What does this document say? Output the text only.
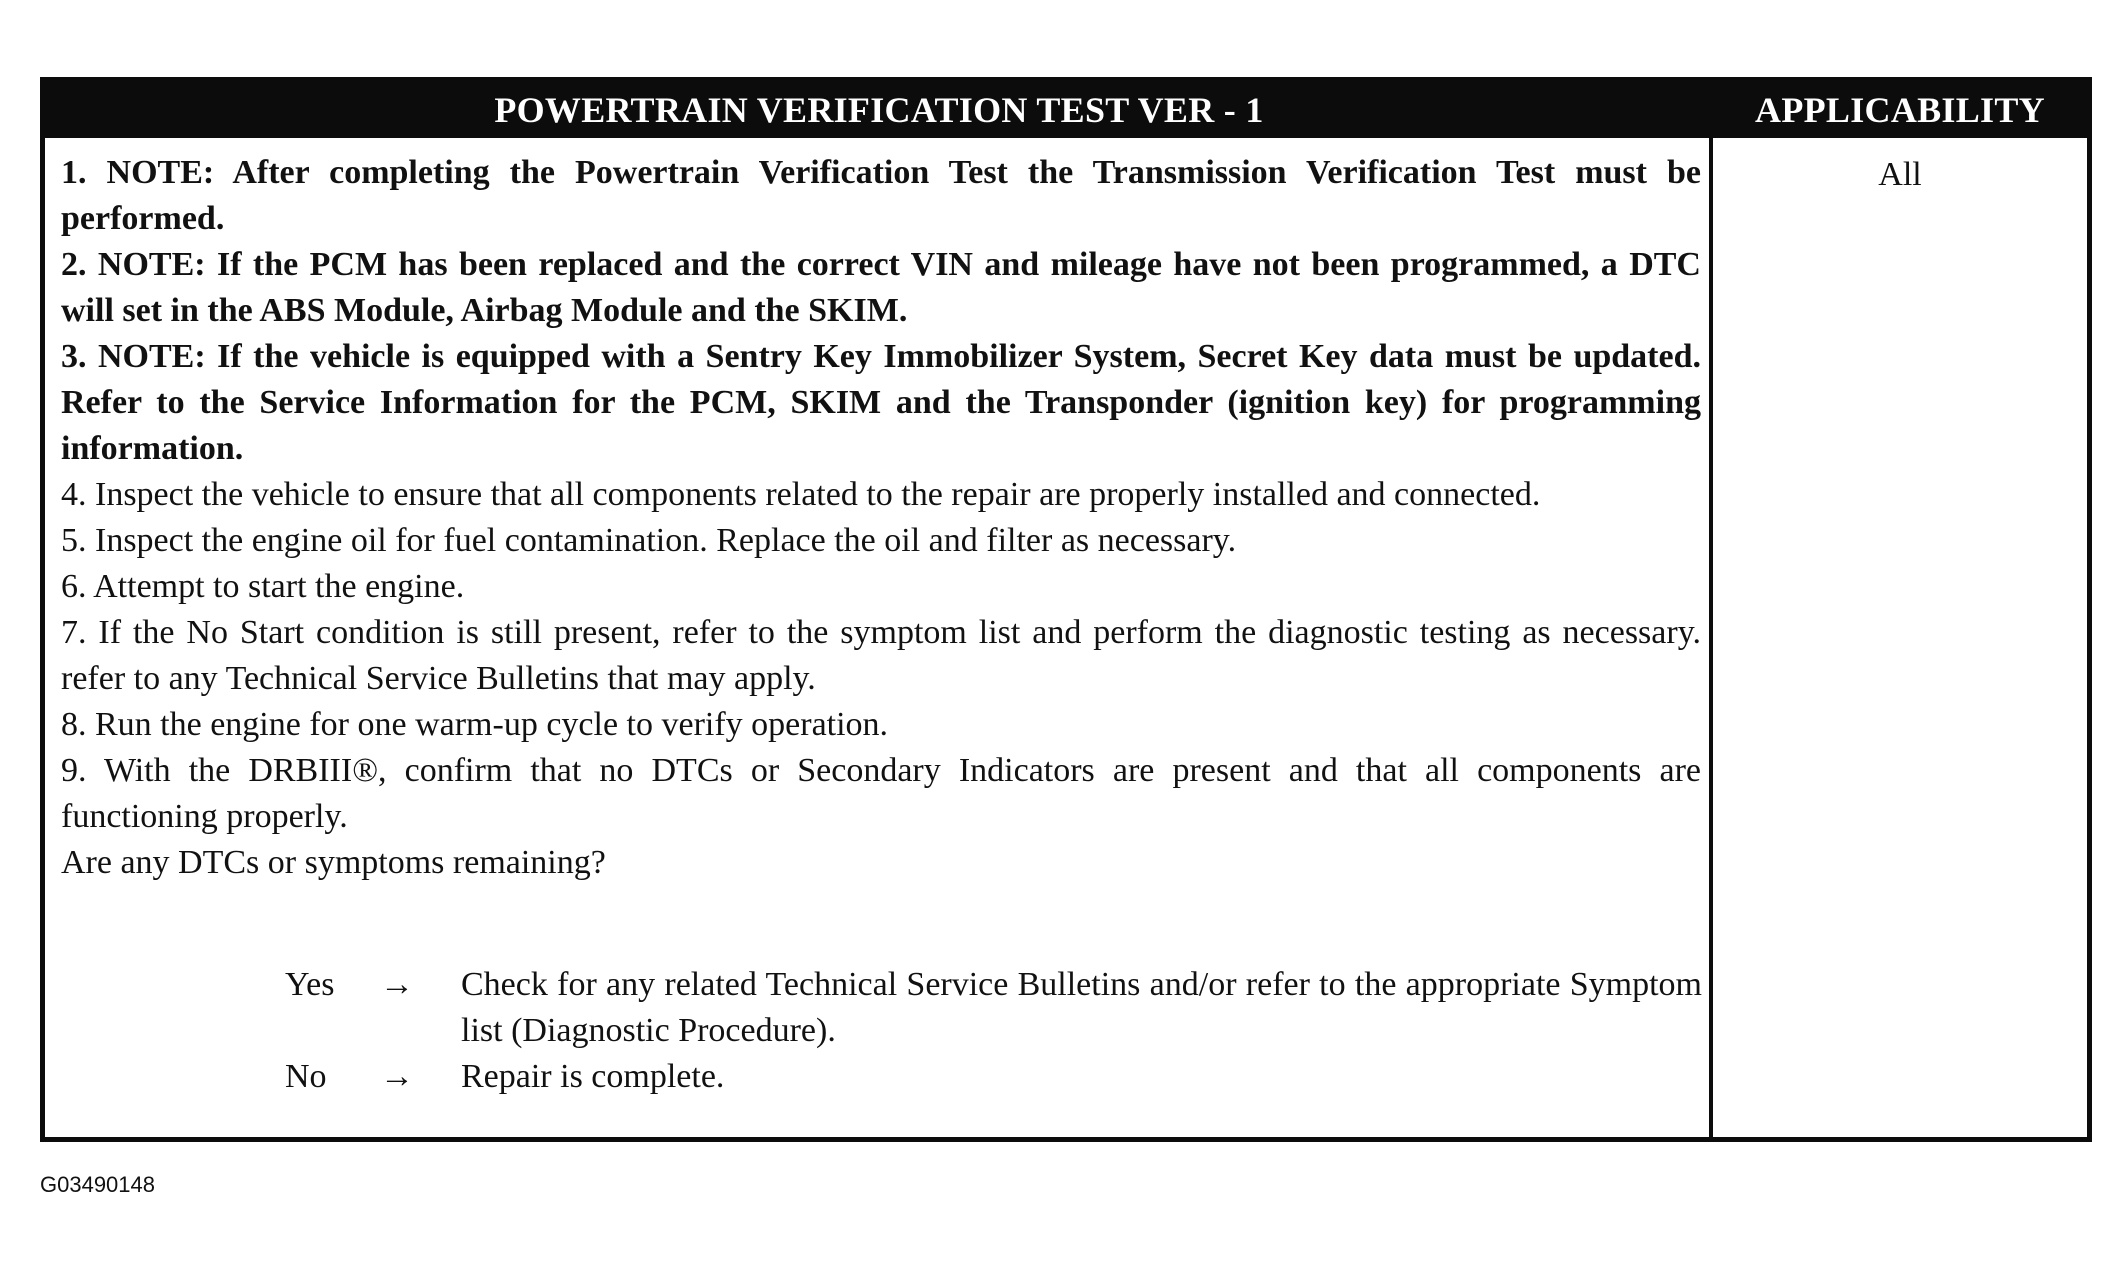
POWERTRAIN VERIFICATION TEST VER - 1	APPLICABILITY

1. NOTE: After completing the Powertrain Verification Test the Transmission Verification Test must be performed.

2. NOTE: If the PCM has been replaced and the correct VIN and mileage have not been programmed, a DTC will set in the ABS Module, Airbag Module and the SKIM.

3. NOTE: If the vehicle is equipped with a Sentry Key Immobilizer System, Secret Key data must be updated. Refer to the Service Information for the PCM, SKIM and the Transponder (ignition key) for programming information.

4. Inspect the vehicle to ensure that all components related to the repair are properly installed and connected.

5. Inspect the engine oil for fuel contamination. Replace the oil and filter as necessary.

6. Attempt to start the engine.

7. If the No Start condition is still present, refer to the symptom list and perform the diagnostic testing as necessary. refer to any Technical Service Bulletins that may apply.

8. Run the engine for one warm-up cycle to verify operation.

9. With the DRBIII®, confirm that no DTCs or Secondary Indicators are present and that all components are functioning properly.

Are any DTCs or symptoms remaining?

Yes → Check for any related Technical Service Bulletins and/or refer to the appropriate Symptom list (Diagnostic Procedure).
No → Repair is complete.
All
G03490148
